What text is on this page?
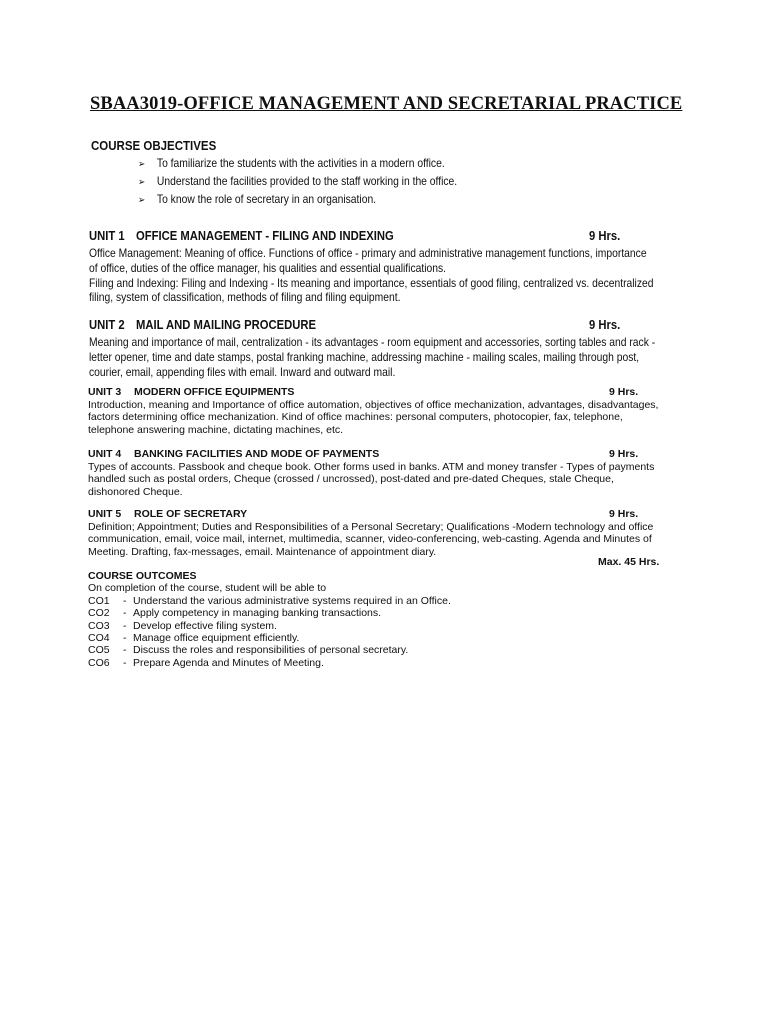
SBAA3019-OFFICE MANAGEMENT AND SECRETARIAL PRACTICE
COURSE OBJECTIVES
➢ To familiarize the students with the activities in a modern office.
➢ Understand the facilities provided to the staff working in the office.
➢ To know the role of secretary in an organisation.
UNIT 1 OFFICE MANAGEMENT - FILING AND INDEXING	9 Hrs.
Office Management: Meaning of office. Functions of office - primary and administrative management functions, importance
of office, duties of the office manager, his qualities and essential qualifications.
Filing and Indexing: Filing and Indexing - Its meaning and importance, essentials of good filing, centralized vs. decentralized
filing, system of classification, methods of filing and filing equipment.
UNIT 2 MAIL AND MAILING PROCEDURE	9 Hrs.
Meaning and importance of mail, centralization - its advantages - room equipment and accessories, sorting tables and rack -
letter opener, time and date stamps, postal franking machine, addressing machine - mailing scales, mailing through post,
courier, email, appending files with email. Inward and outward mail.
UNIT 3 MODERN OFFICE EQUIPMENTS	9 Hrs.
Introduction, meaning and Importance of office automation, objectives of office mechanization, advantages, disadvantages,
factors determining office mechanization. Kind of office machines: personal computers, photocopier, fax, telephone,
telephone answering machine, dictating machines, etc.
UNIT 4 BANKING FACILITIES AND MODE OF PAYMENTS	9 Hrs.
Types of accounts. Passbook and cheque book. Other forms used in banks. ATM and money transfer - Types of payments
handled such as postal orders, Cheque (crossed / uncrossed), post-dated and pre-dated Cheques, stale Cheque,
dishonored Cheque.
UNIT 5 ROLE OF SECRETARY	9 Hrs.
Definition; Appointment; Duties and Responsibilities of a Personal Secretary; Qualifications -Modern technology and office
communication, email, voice mail, internet, multimedia, scanner, video-conferencing, web-casting. Agenda and Minutes of
Meeting. Drafting, fax-messages, email. Maintenance of appointment diary.
Max. 45 Hrs.
COURSE OUTCOMES
On completion of the course, student will be able to
CO1 - Understand the various administrative systems required in an Office.
CO2 - Apply competency in managing banking transactions.
CO3 - Develop effective filing system.
CO4 - Manage office equipment efficiently.
CO5 - Discuss the roles and responsibilities of personal secretary.
CO6 - Prepare Agenda and Minutes of Meeting.
